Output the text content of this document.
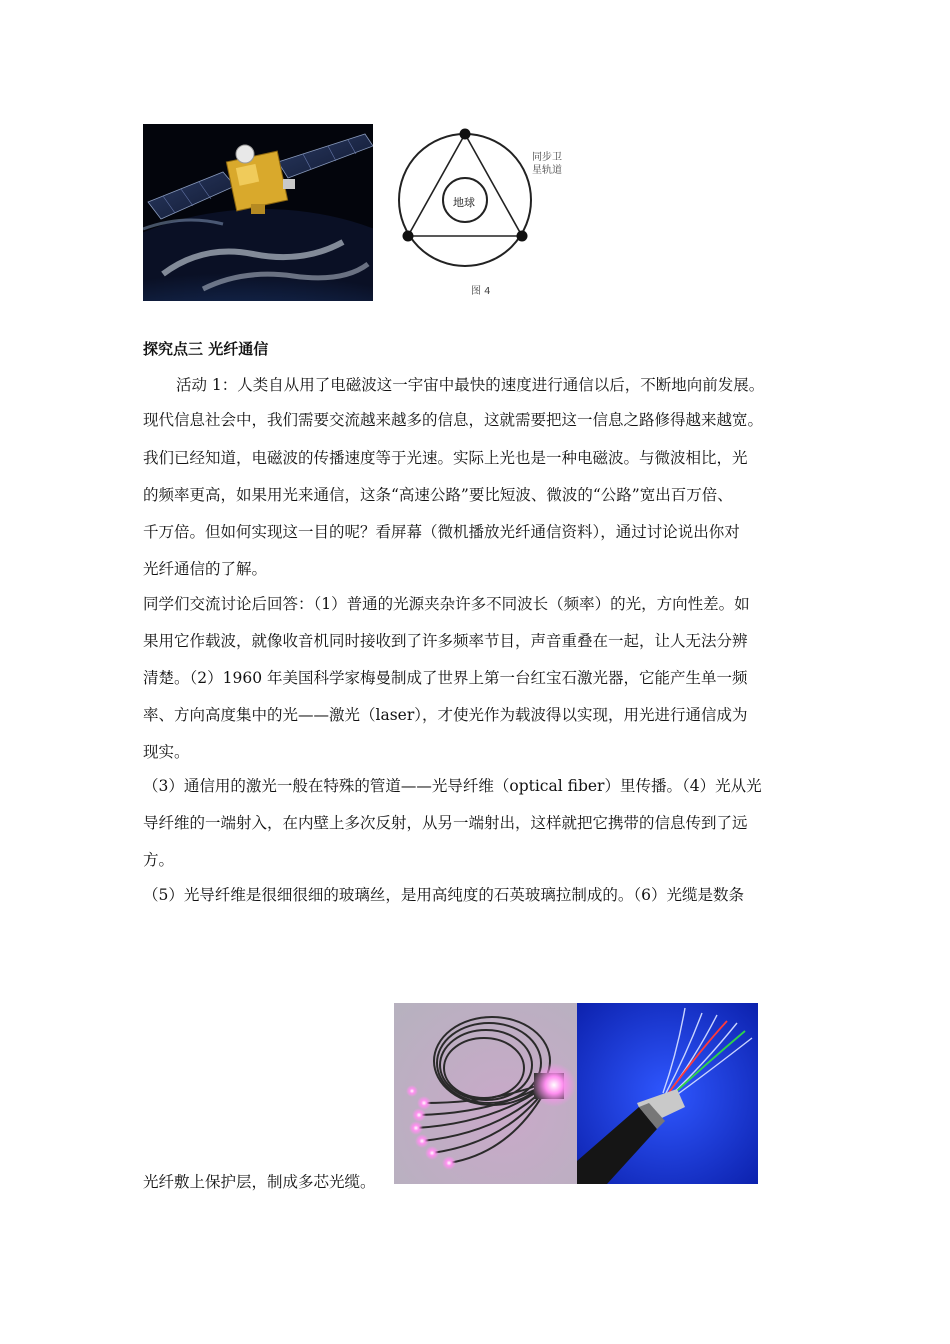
地球
同步卫
星轨道
图 4
探究点三 光纤通信
活动 1：人类自从用了电磁波这一宇宙中最快的速度进行通信以后，不断地向前发展。
现代信息社会中，我们需要交流越来越多的信息，这就需要把这一信息之路修得越来越宽。
我们已经知道，电磁波的传播速度等于光速。实际上光也是一种电磁波。与微波相比，光
的频率更高，如果用光来通信，这条“高速公路”要比短波、微波的“公路”宽出百万倍、
千万倍。但如何实现这一目的呢？看屏幕（微机播放光纤通信资料），通过讨论说出你对
光纤通信的了解。
同学们交流讨论后回答：（1）普通的光源夹杂许多不同波长（频率）的光，方向性差。如
果用它作载波，就像收音机同时接收到了许多频率节目，声音重叠在一起，让人无法分辨
清楚。（2）1960 年美国科学家梅曼制成了世界上第一台红宝石激光器，它能产生单一频
率、方向高度集中的光——激光（laser），才使光作为载波得以实现，用光进行通信成为
现实。
（3）通信用的激光一般在特殊的管道——光导纤维（optical fiber）里传播。（4）光从光
导纤维的一端射入，在内壁上多次反射，从另一端射出，这样就把它携带的信息传到了远
方。
（5）光导纤维是很细很细的玻璃丝，是用高纯度的石英玻璃拉制成的。（6）光缆是数条
光纤敷上保护层，制成多芯光缆。
